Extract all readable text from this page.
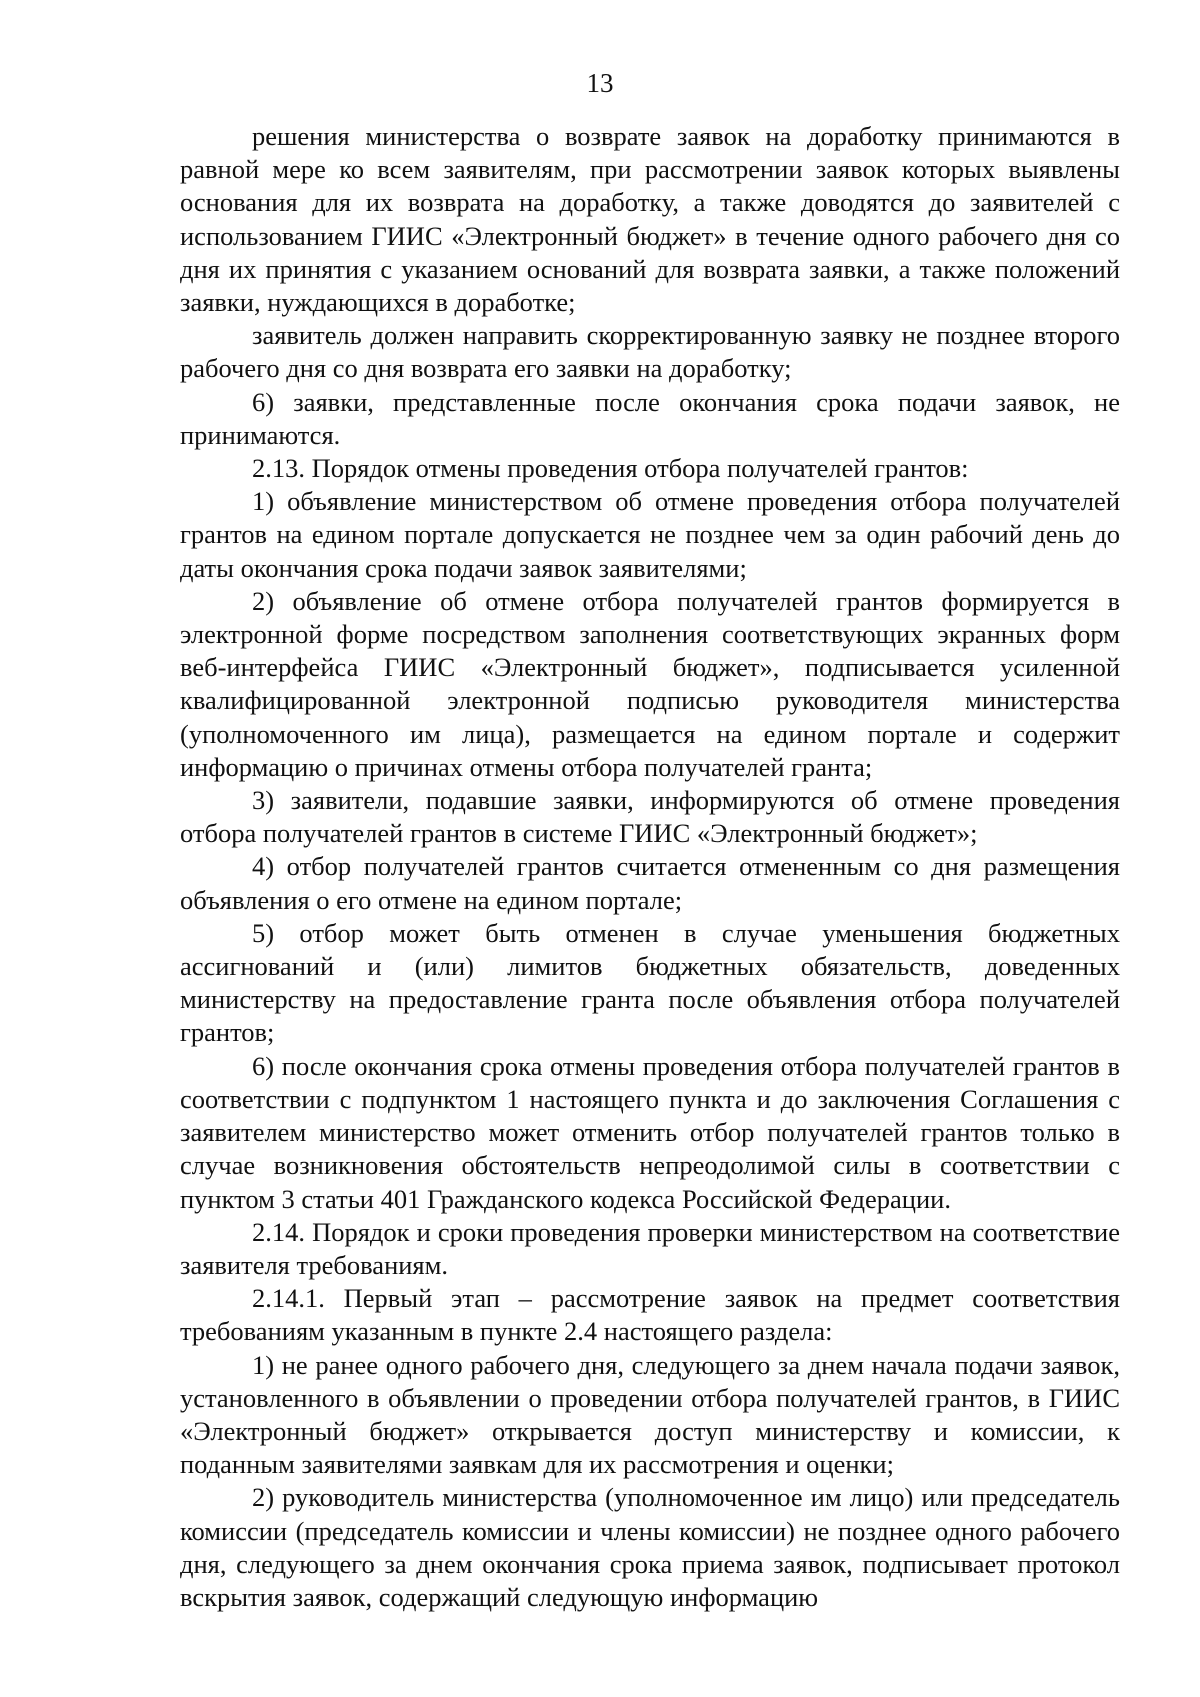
13

решения министерства о возврате заявок на доработку принимаются в равной мере ко всем заявителям, при рассмотрении заявок которых выявлены основания для их возврата на доработку, а также доводятся до заявителей с использованием ГИИС «Электронный бюджет» в течение одного рабочего дня со дня их принятия с указанием оснований для возврата заявки, а также положений заявки, нуждающихся в доработке;

заявитель должен направить скорректированную заявку не позднее второго рабочего дня со дня возврата его заявки на доработку;

6) заявки, представленные после окончания срока подачи заявок, не принимаются.

2.13. Порядок отмены проведения отбора получателей грантов:

1) объявление министерством об отмене проведения отбора получателей грантов на едином портале допускается не позднее чем за один рабочий день до даты окончания срока подачи заявок заявителями;

2) объявление об отмене отбора получателей грантов формируется в электронной форме посредством заполнения соответствующих экранных форм веб-интерфейса ГИИС «Электронный бюджет», подписывается усиленной квалифицированной электронной подписью руководителя министерства (уполномоченного им лица), размещается на едином портале и содержит информацию о причинах отмены отбора получателей гранта;

3) заявители, подавшие заявки, информируются об отмене проведения отбора получателей грантов в системе ГИИС «Электронный бюджет»;

4) отбор получателей грантов считается отмененным со дня размещения объявления о его отмене на едином портале;

5) отбор может быть отменен в случае уменьшения бюджетных ассигнований и (или) лимитов бюджетных обязательств, доведенных министерству на предоставление гранта после объявления отбора получателей грантов;

6) после окончания срока отмены проведения отбора получателей грантов в соответствии с подпунктом 1 настоящего пункта и до заключения Соглашения с заявителем министерство может отменить отбор получателей грантов только в случае возникновения обстоятельств непреодолимой силы в соответствии с пунктом 3 статьи 401 Гражданского кодекса Российской Федерации.

2.14. Порядок и сроки проведения проверки министерством на соответствие заявителя требованиям.

2.14.1. Первый этап – рассмотрение заявок на предмет соответствия требованиям указанным в пункте 2.4 настоящего раздела:

1) не ранее одного рабочего дня, следующего за днем начала подачи заявок, установленного в объявлении о проведении отбора получателей грантов, в ГИИС «Электронный бюджет» открывается доступ министерству и комиссии, к поданным заявителями заявкам для их рассмотрения и оценки;

2) руководитель министерства (уполномоченное им лицо) или председатель комиссии (председатель комиссии и члены комиссии) не позднее одного рабочего дня, следующего за днем окончания срока приема заявок, подписывает протокол вскрытия заявок, содержащий следующую информацию
